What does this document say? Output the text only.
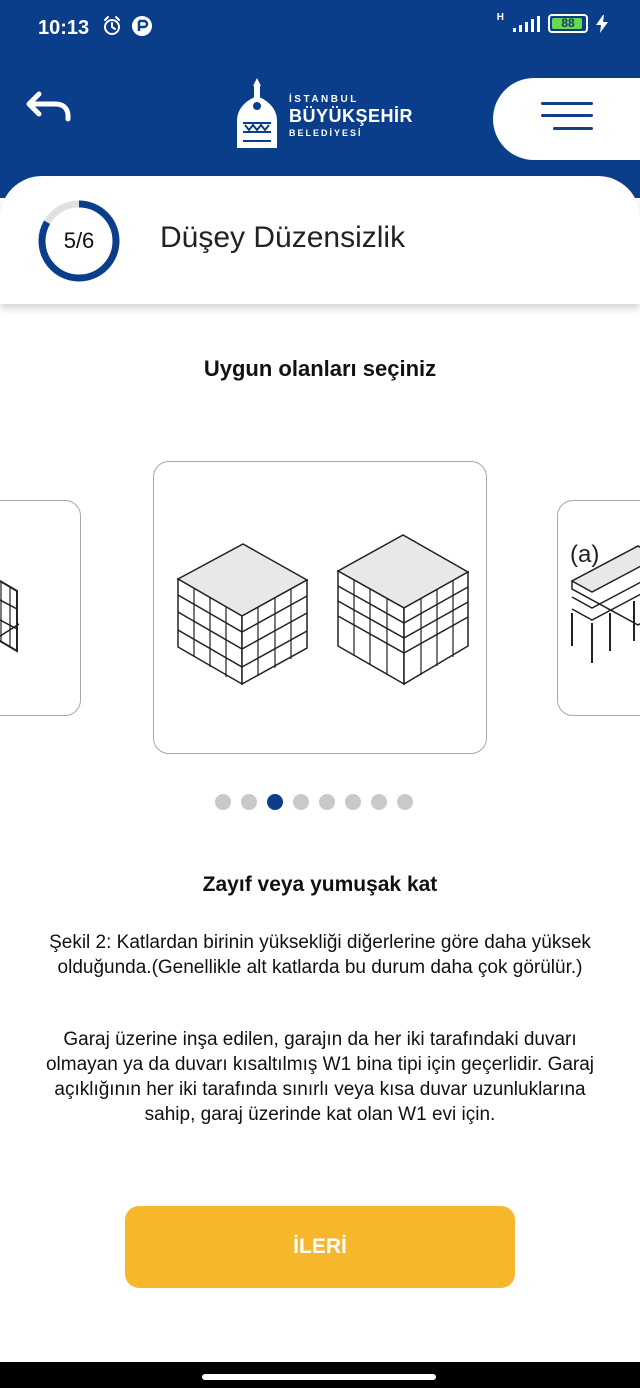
10:13	H	88
İSTANBUL
BÜYÜKŞEHİR
BELEDİYESİ
5/6	Düşey Düzensizlik
Uygun olanları seçiniz
(a)
Zayıf veya yumuşak kat
Şekil 2: Katlardan birinin yüksekliği diğerlerine göre daha yüksek olduğunda.(Genellikle alt katlarda bu durum daha çok görülür.)
Garaj üzerine inşa edilen, garajın da her iki tarafındaki duvarı olmayan ya da duvarı kısaltılmış W1 bina tipi için geçerlidir. Garaj açıklığının her iki tarafında sınırlı veya kısa duvar uzunluklarına sahip, garaj üzerinde kat olan W1 evi için.
İLERİ
